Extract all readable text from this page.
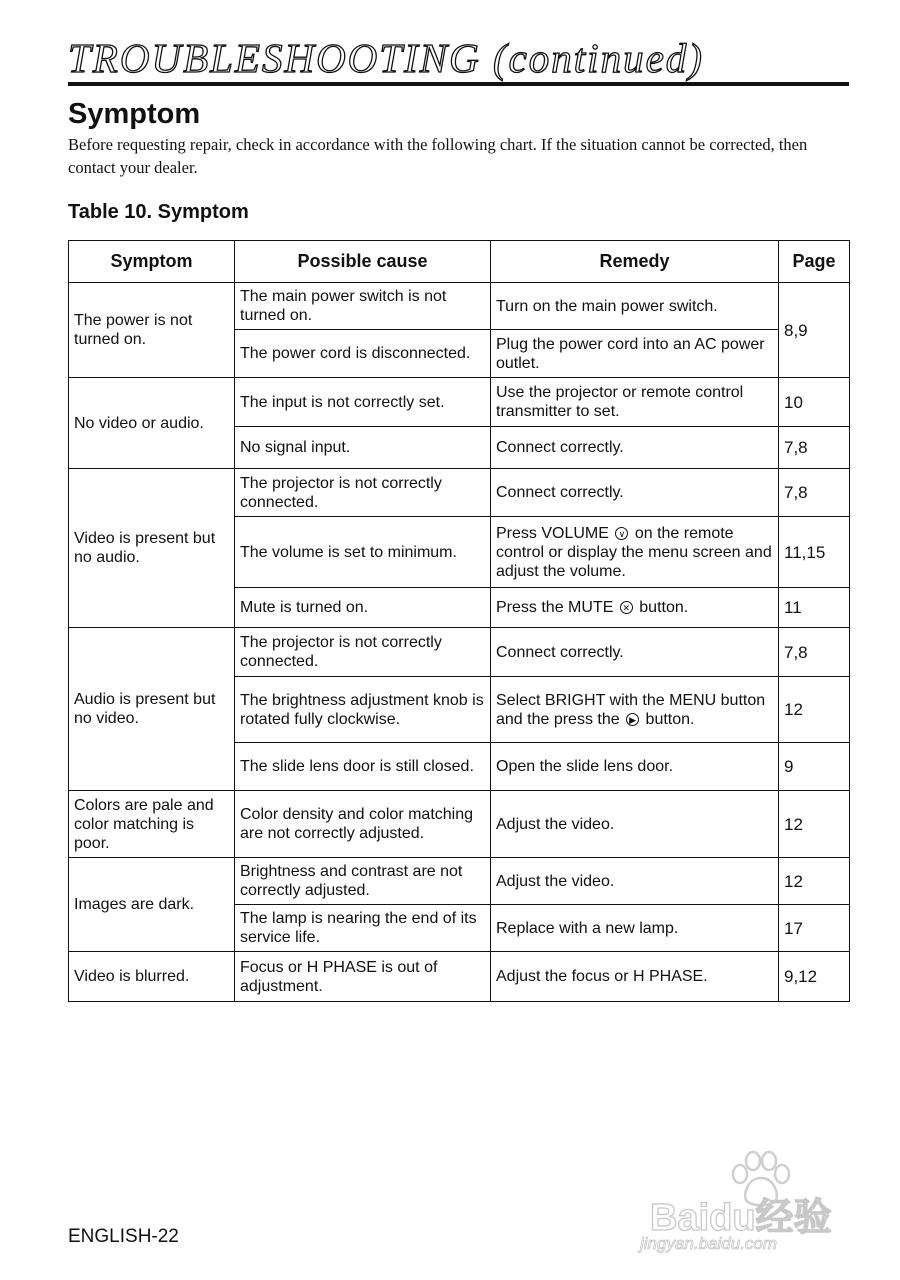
TROUBLESHOOTING (continued)
Symptom
Before requesting repair, check in accordance with the following chart. If the situation cannot be corrected, then contact your dealer.
Table 10. Symptom
Symptom	Possible cause	Remedy	Page
The power is not turned on.	The main power switch is not turned on.	Turn on the main power switch.	8,9
	The power cord is disconnected.	Plug the power cord into an AC power outlet.	
No video or audio.	The input is not correctly set.	Use the projector or remote control transmitter to set.	10
	No signal input.	Connect correctly.	7,8
Video is present but no audio.	The projector is not correctly connected.	Connect correctly.	7,8
	The volume is set to minimum.	Press VOLUME ∨ on the remote control or display the menu screen and adjust the volume.	11,15
	Mute is turned on.	Press the MUTE ✕ button.	11
Audio is present but no video.	The projector is not correctly connected.	Connect correctly.	7,8
	The brightness adjustment knob is rotated fully clockwise.	Select BRIGHT with the MENU button and the press the ▶ button.	12
	The slide lens door is still closed.	Open the slide lens door.	9
Colors are pale and color matching is poor.	Color density and color matching are not correctly adjusted.	Adjust the video.	12
Images are dark.	Brightness and contrast are not correctly adjusted.	Adjust the video.	12
	The lamp is nearing the end of its service life.	Replace with a new lamp.	17
Video is blurred.	Focus or H PHASE is out of adjustment.	Adjust the focus or H PHASE.	9,12
ENGLISH-22	Baidu经验
jingyan.baidu.com
